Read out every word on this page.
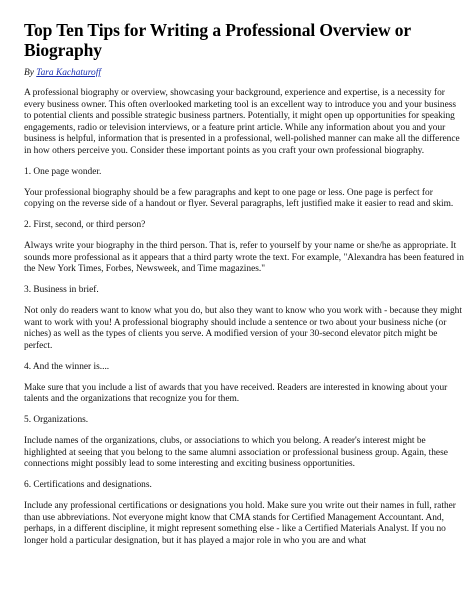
Top Ten Tips for Writing a Professional Overview or Biography
By Tara Kachaturoff

A professional biography or overview, showcasing your background, experience and expertise, is a necessity for every business owner. This often overlooked marketing tool is an excellent way to introduce you and your business to potential clients and possible strategic business partners. Potentially, it might open up opportunities for speaking engagements, radio or television interviews, or a feature print article. While any information about you and your business is helpful, information that is presented in a professional, well-polished manner can make all the difference in how others perceive you. Consider these important points as you craft your own professional biography.

1. One page wonder.

Your professional biography should be a few paragraphs and kept to one page or less. One page is perfect for copying on the reverse side of a handout or flyer. Several paragraphs, left justified make it easier to read and skim.

2. First, second, or third person?

Always write your biography in the third person. That is, refer to yourself by your name or she/he as appropriate. It sounds more professional as it appears that a third party wrote the text. For example, "Alexandra has been featured in the New York Times, Forbes, Newsweek, and Time magazines."

3. Business in brief.

Not only do readers want to know what you do, but also they want to know who you work with - because they might want to work with you! A professional biography should include a sentence or two about your business niche (or niches) as well as the types of clients you serve. A modified version of your 30-second elevator pitch might be perfect.

4. And the winner is....

Make sure that you include a list of awards that you have received. Readers are interested in knowing about your talents and the organizations that recognize you for them.

5. Organizations.

Include names of the organizations, clubs, or associations to which you belong. A reader's interest might be highlighted at seeing that you belong to the same alumni association or professional business group. Again, these connections might possibly lead to some interesting and exciting business opportunities.

6. Certifications and designations.

Include any professional certifications or designations you hold. Make sure you write out their names in full, rather than use abbreviations. Not everyone might know that CMA stands for Certified Management Accountant. And, perhaps, in a different discipline, it might represent something else - like a Certified Materials Analyst. If you no longer hold a particular designation, but it has played a major role in who you are and what
